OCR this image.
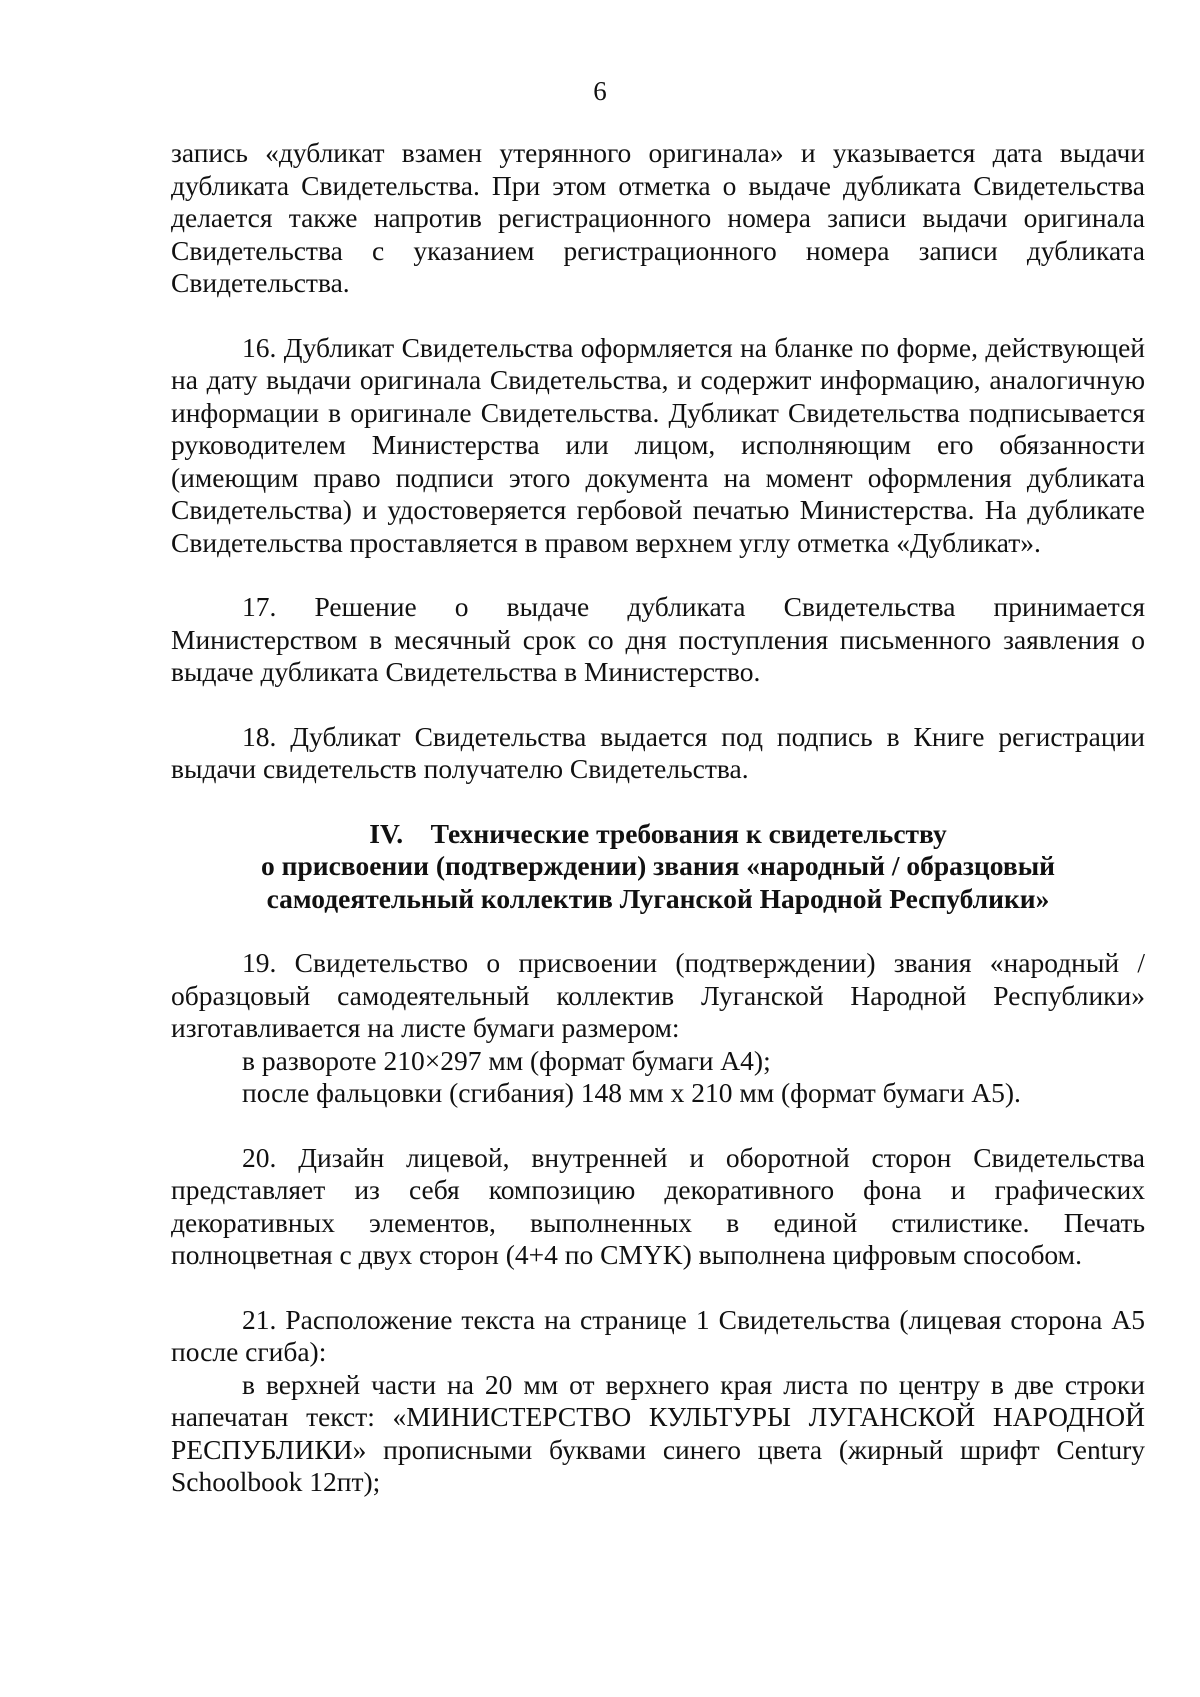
6

запись «дубликат взамен утерянного оригинала» и указывается дата выдачи дубликата Свидетельства. При этом отметка о выдаче дубликата Свидетельства делается также напротив регистрационного номера записи выдачи оригинала Свидетельства с указанием регистрационного номера записи дубликата Свидетельства.

16. Дубликат Свидетельства оформляется на бланке по форме, действующей на дату выдачи оригинала Свидетельства, и содержит информацию, аналогичную информации в оригинале Свидетельства. Дубликат Свидетельства подписывается руководителем Министерства или лицом, исполняющим его обязанности (имеющим право подписи этого документа на момент оформления дубликата Свидетельства) и удостоверяется гербовой печатью Министерства. На дубликате Свидетельства проставляется в правом верхнем углу отметка «Дубликат».

17. Решение о выдаче дубликата Свидетельства принимается Министерством в месячный срок со дня поступления письменного заявления о выдаче дубликата Свидетельства в Министерство.

18. Дубликат Свидетельства выдается под подпись в Книге регистрации выдачи свидетельств получателю Свидетельства.

IV.    Технические требования к свидетельству

о присвоении (подтверждении) звания «народный / образцовый

самодеятельный коллектив Луганской Народной Республики»

19. Свидетельство о присвоении (подтверждении) звания «народный / образцовый самодеятельный коллектив Луганской Народной Республики» изготавливается на листе бумаги размером:

в развороте 210×297 мм (формат бумаги А4);

после фальцовки (сгибания) 148 мм х 210 мм (формат бумаги А5).

20. Дизайн лицевой, внутренней и оборотной сторон Свидетельства представляет из себя композицию декоративного фона и графических декоративных элементов, выполненных в единой стилистике. Печать полноцветная с двух сторон (4+4 по CMYK) выполнена цифровым способом.

21. Расположение текста на странице 1 Свидетельства (лицевая сторона А5 после сгиба):

в верхней части на 20 мм от верхнего края листа по центру в две строки напечатан текст: «МИНИСТЕРСТВО КУЛЬТУРЫ ЛУГАНСКОЙ НАРОДНОЙ РЕСПУБЛИКИ» прописными буквами синего цвета (жирный шрифт Century Schoolbook 12пт);
